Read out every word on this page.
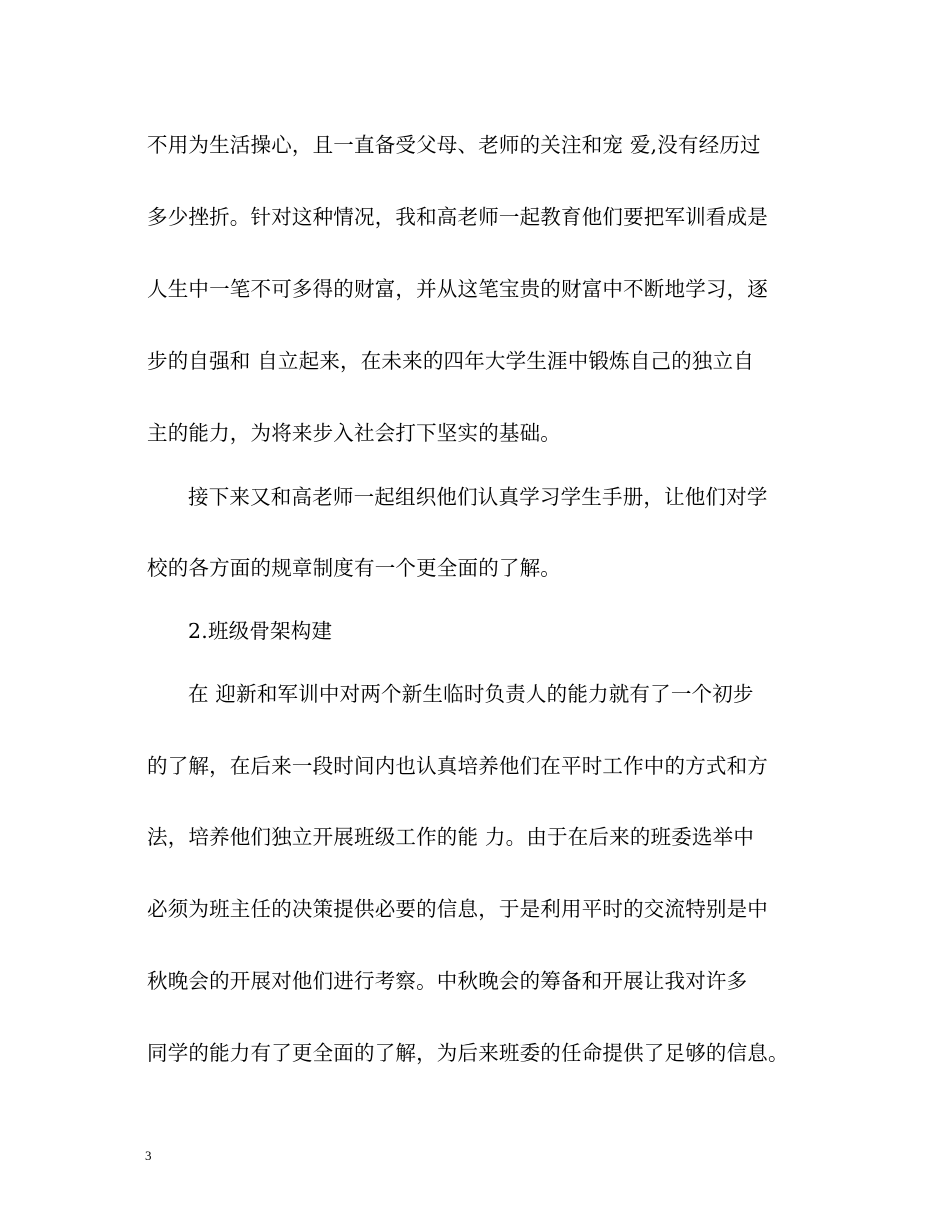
不用为生活操心，且一直备受父母、老师的关注和宠 爱,没有经历过
多少挫折。针对这种情况，我和高老师一起教育他们要把军训看成是
人生中一笔不可多得的财富，并从这笔宝贵的财富中不断地学习，逐
步的自强和 自立起来，在未来的四年大学生涯中锻炼自己的独立自
主的能力，为将来步入社会打下坚实的基础。
接下来又和高老师一起组织他们认真学习学生手册，让他们对学
校的各方面的规章制度有一个更全面的了解。
2.班级骨架构建
在 迎新和军训中对两个新生临时负责人的能力就有了一个初步
的了解，在后来一段时间内也认真培养他们在平时工作中的方式和方
法，培养他们独立开展班级工作的能 力。由于在后来的班委选举中
必须为班主任的决策提供必要的信息，于是利用平时的交流特别是中
秋晚会的开展对他们进行考察。中秋晚会的筹备和开展让我对许多
同学的能力有了更全面的了解，为后来班委的任命提供了足够的信息。
3
